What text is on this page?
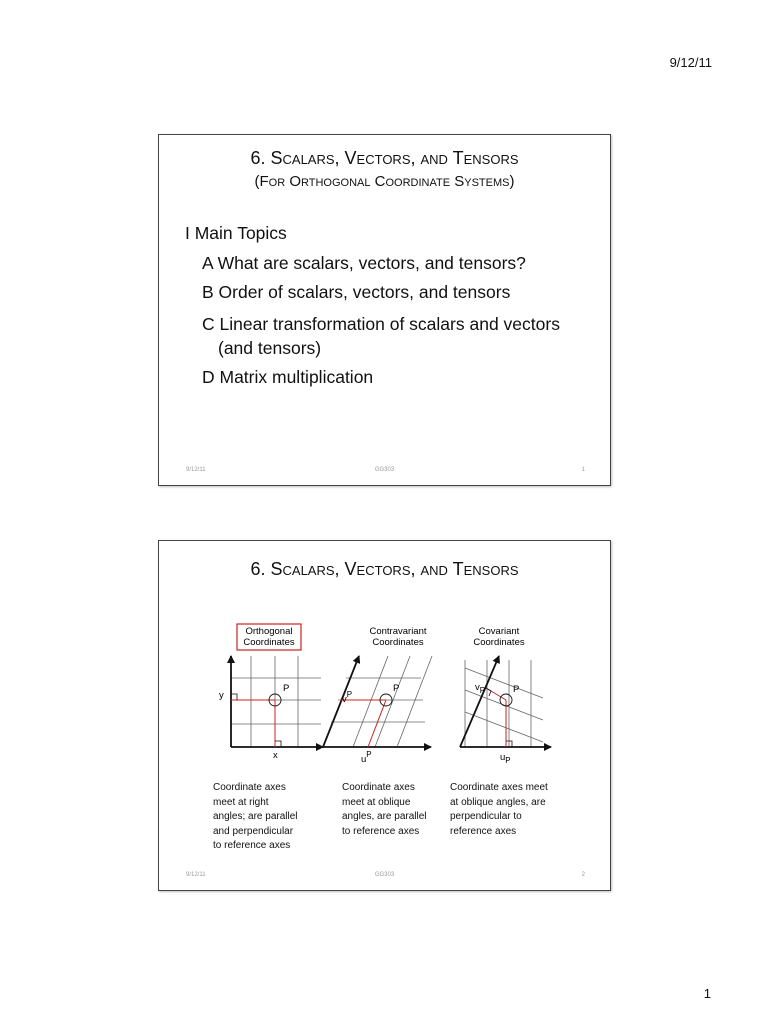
9/12/11
6. Scalars, Vectors, and Tensors
(For Orthogonal Coordinate Systems)
I Main Topics
A What are scalars, vectors, and tensors?
B Order of scalars, vectors, and tensors
C Linear transformation of scalars and vectors
(and tensors)
D Matrix multiplication
9/12/11	GG303	1
6. Scalars, Vectors, and Tensors
Orthogonal
Coordinates
P
y
x
Contravariant
Coordinates
P
$v^P$
$u^P$
Covariant
Coordinates
P
$v_P$
$u_P$
Coordinate axes
meet at right
angles; are parallel
and perpendicular
to reference axes
Coordinate axes
meet at oblique
angles, are parallel
to reference axes
Coordinate axes meet
at oblique angles, are
perpendicular to
reference axes
9/12/11	GG303	2
1
